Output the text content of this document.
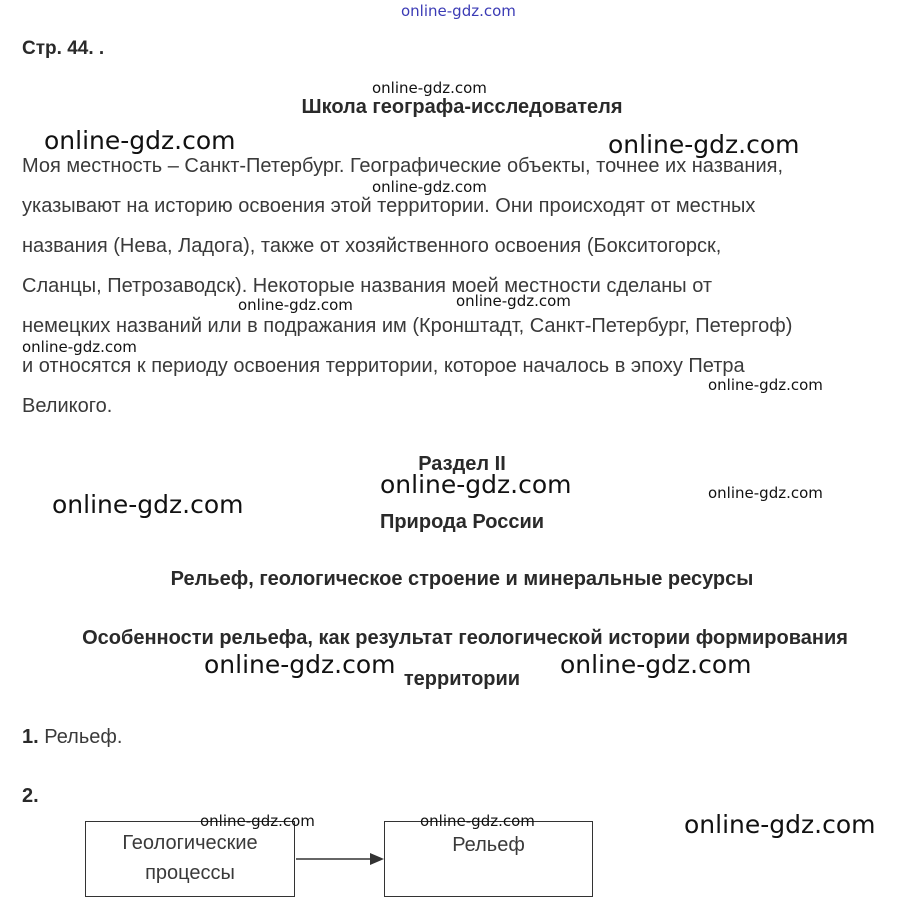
online-gdz.com
Стр. 44. .
Школа географа-исследователя
Моя местность – Санкт-Петербург. Географические объекты, точнее их названия,
указывают на историю освоения этой территории. Они происходят от местных
названия (Нева, Ладога), также от хозяйственного освоения (Бокситогорск,
Сланцы, Петрозаводск). Некоторые названия моей местности сделаны от
немецких названий или в подражания им (Кронштадт, Санкт-Петербург, Петергоф)
и относятся к периоду освоения территории, которое началось в эпоху Петра
Великого.
Раздел II
Природа России
Рельеф, геологическое строение и минеральные ресурсы
Особенности рельефа, как результат геологической истории формирования
территории
1. Рельеф.
2.
Геологические
процессы
Рельеф
online-gdz.com
online-gdz.com	online-gdz.com
online-gdz.com
online-gdz.com	online-gdz.com
online-gdz.com
online-gdz.com
online-gdz.com
online-gdz.com	online-gdz.com
online-gdz.com	online-gdz.com
online-gdz.com	online-gdz.com	online-gdz.com
